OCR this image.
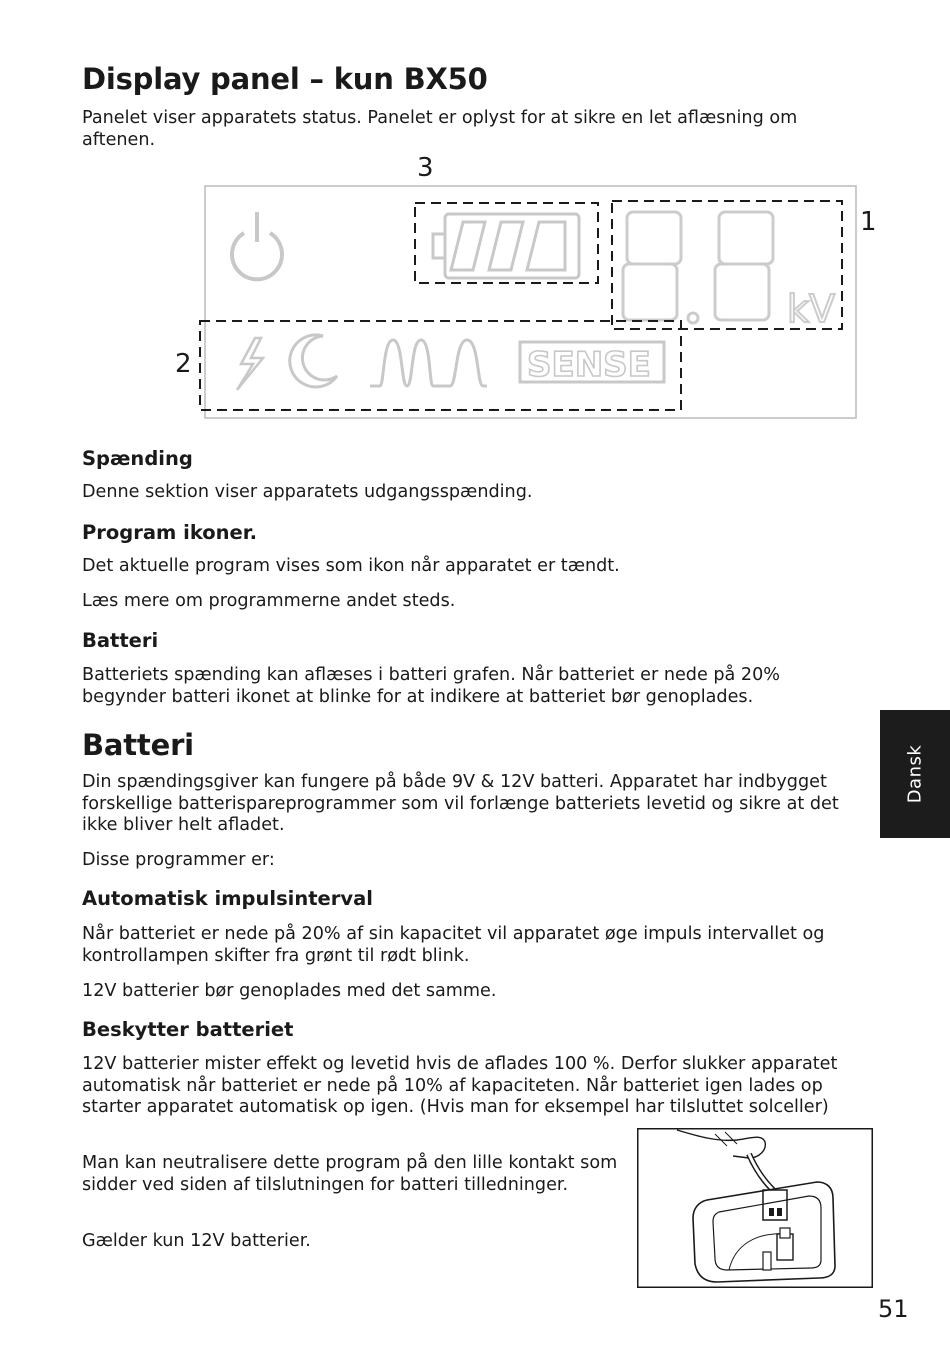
Display panel – kun BX50

Panelet viser apparatets status. Panelet er oplyst for at sikre en let aflæsning om aftenen.

3
1
2
kV
SENSE
Spænding

Denne sektion viser apparatets udgangsspænding.

Program ikoner.

Det aktuelle program vises som ikon når apparatet er tændt.

Læs mere om programmerne andet steds.

Batteri

Batteriets spænding kan aflæses i batteri grafen. Når batteriet er nede på 20% begynder batteri ikonet at blinke for at indikere at batteriet bør genoplades.

Batteri

Din spændingsgiver kan fungere på både 9V & 12V batteri. Apparatet har indbygget forskellige batterispareprogrammer som vil forlænge batteriets levetid og sikre at det ikke bliver helt afladet.

Disse programmer er:

Automatisk impulsinterval

Når batteriet er nede på 20% af sin kapacitet vil apparatet øge impuls intervallet og kontrollampen skifter fra grønt til rødt blink.

12V batterier bør genoplades med det samme.

Beskytter batteriet

12V batterier mister effekt og levetid hvis de aflades 100 %. Derfor slukker apparatet automatisk når batteriet er nede på 10% af kapaciteten. Når batteriet igen lades op starter apparatet automatisk op igen. (Hvis man for eksempel har tilsluttet solceller)

Man kan neutralisere dette program på den lille kontakt som sidder ved siden af tilslutningen for batteri tilledninger.

Gælder kun 12V batterier.

Dansk
51
